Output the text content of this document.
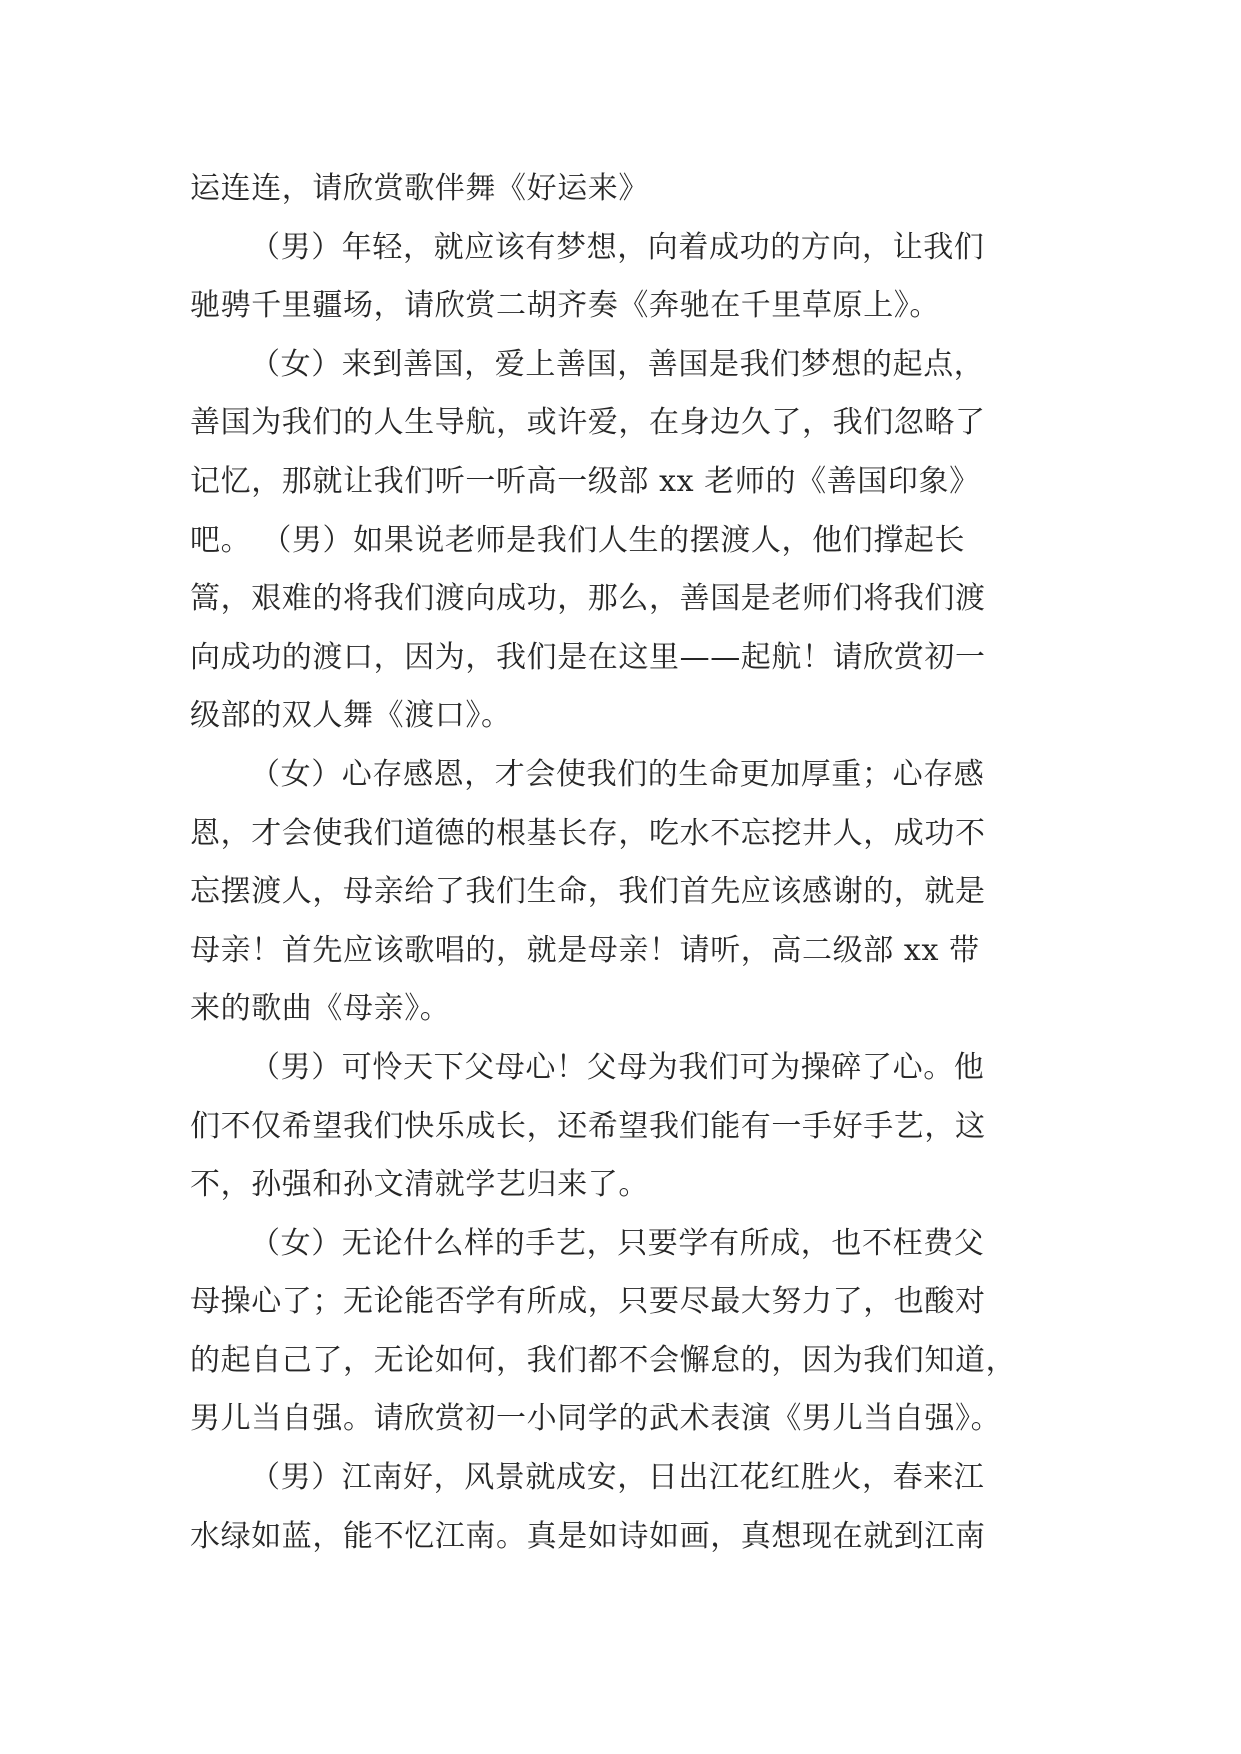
运连连，请欣赏歌伴舞《好运来》
（男）年轻，就应该有梦想，向着成功的方向，让我们
驰骋千里疆场，请欣赏二胡齐奏《奔驰在千里草原上》。
（女）来到善国，爱上善国，善国是我们梦想的起点，
善国为我们的人生导航，或许爱，在身边久了，我们忽略了
记忆，那就让我们听一听高一级部 xx 老师的《善国印象》
吧。 （男）如果说老师是我们人生的摆渡人，他们撑起长
篙，艰难的将我们渡向成功，那么，善国是老师们将我们渡
向成功的渡口，因为，我们是在这里——起航！请欣赏初一
级部的双人舞《渡口》。
（女）心存感恩，才会使我们的生命更加厚重；心存感
恩，才会使我们道德的根基长存，吃水不忘挖井人，成功不
忘摆渡人，母亲给了我们生命，我们首先应该感谢的，就是
母亲！首先应该歌唱的，就是母亲！请听，高二级部 xx 带
来的歌曲《母亲》。
（男）可怜天下父母心！父母为我们可为操碎了心。他
们不仅希望我们快乐成长，还希望我们能有一手好手艺，这
不，孙强和孙文清就学艺归来了。
（女）无论什么样的手艺，只要学有所成，也不枉费父
母操心了；无论能否学有所成，只要尽最大努力了，也酸对
的起自己了，无论如何，我们都不会懈怠的，因为我们知道，
男儿当自强。请欣赏初一小同学的武术表演《男儿当自强》。
（男）江南好，风景就成安，日出江花红胜火，春来江
水绿如蓝，能不忆江南。真是如诗如画，真想现在就到江南
